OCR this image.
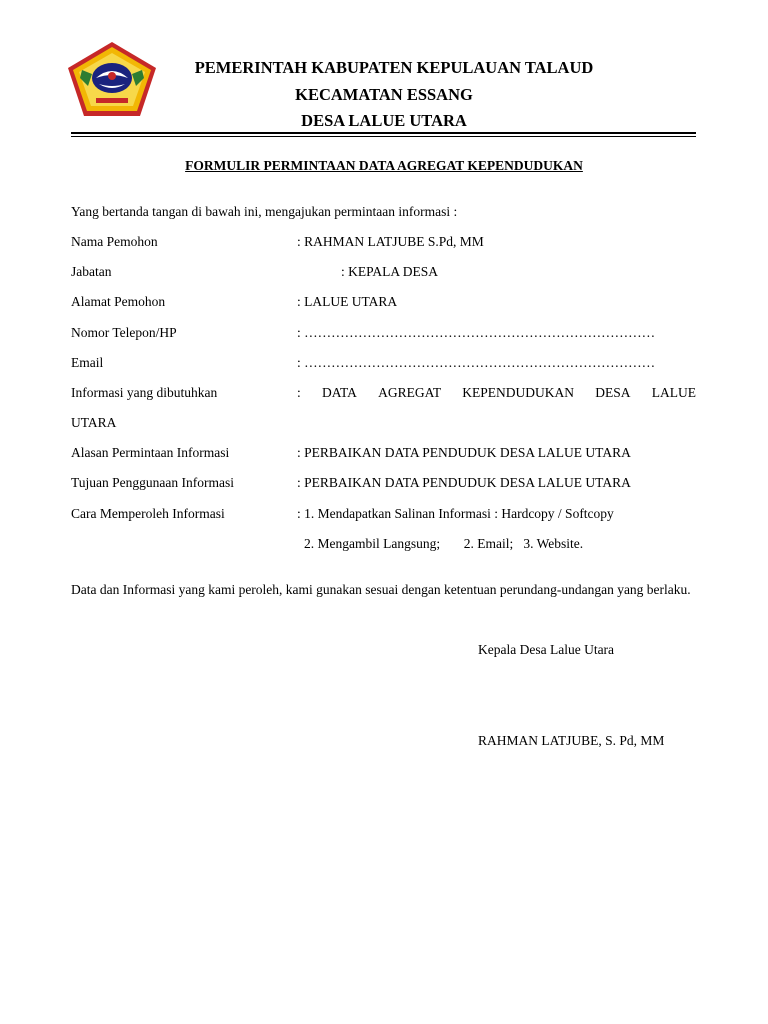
PEMERINTAH KABUPATEN KEPULAUAN TALAUD
KECAMATAN ESSANG
DESA LALUE UTARA
FORMULIR PERMINTAAN DATA AGREGAT KEPENDUDUKAN
Yang bertanda tangan di bawah ini, mengajukan permintaan informasi :
Nama Pemohon	: RAHMAN LATJUBE S.Pd, MM
Jabatan	: KEPALA DESA
Alamat Pemohon	: LALUE UTARA
Nomor Telepon/HP	: ……………………………………………………………………
Email	: ……………………………………………………………………
Informasi yang dibutuhkan	: DATA AGREGAT KEPENDUDUKAN DESA LALUE
UTARA
Alasan Permintaan Informasi	: PERBAIKAN DATA PENDUDUK DESA LALUE UTARA
Tujuan Penggunaan Informasi	: PERBAIKAN DATA PENDUDUK DESA LALUE UTARA
Cara Memperoleh Informasi	: 1. Mendapatkan Salinan Informasi : Hardcopy / Softcopy
2. Mengambil Langsung;       2. Email;   3. Website.
Data dan Informasi yang kami peroleh, kami gunakan sesuai dengan ketentuan perundang-undangan yang berlaku.
Kepala Desa Lalue Utara
RAHMAN LATJUBE, S. Pd, MM
